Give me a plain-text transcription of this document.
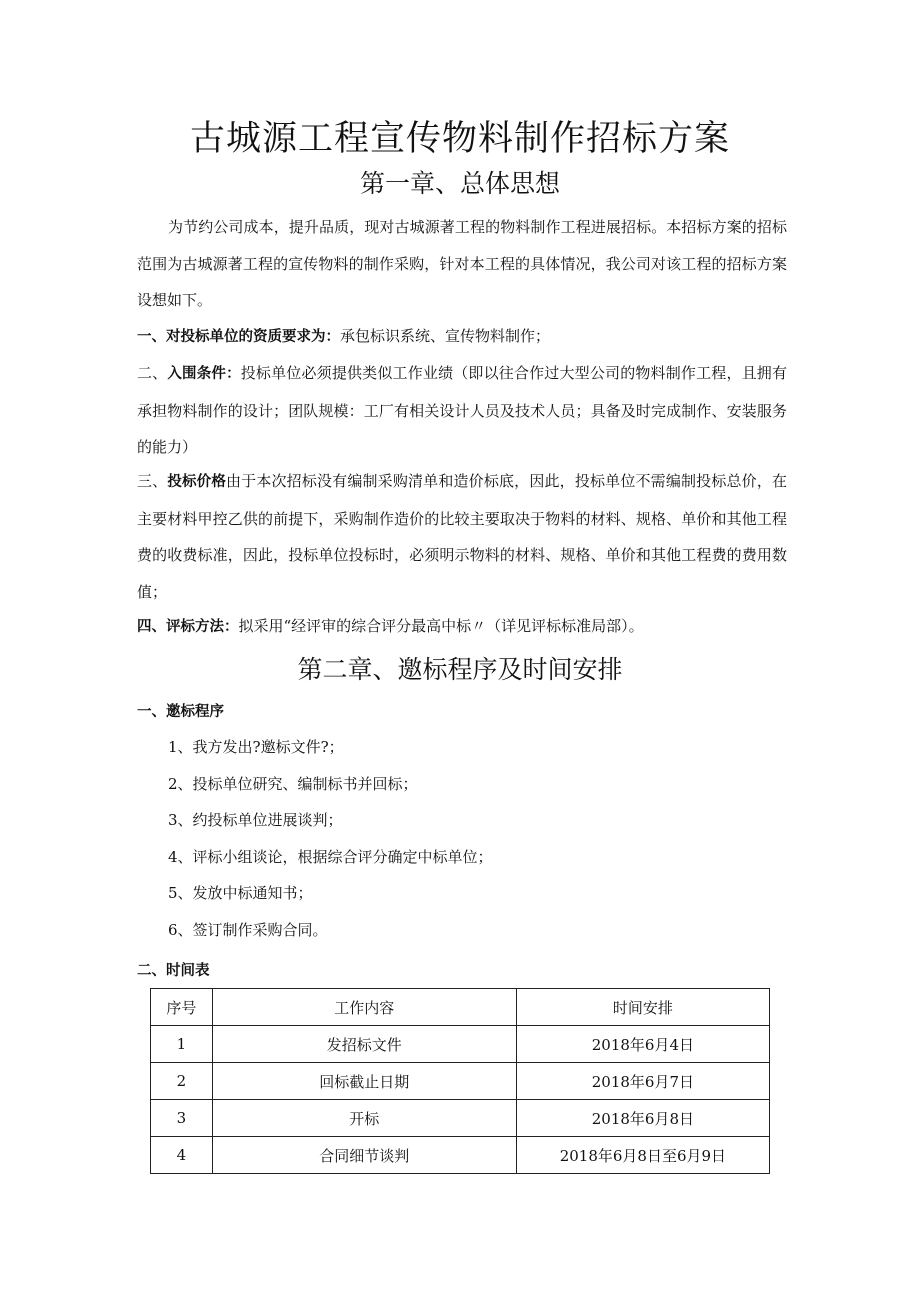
古城源工程宣传物料制作招标方案
第一章、总体思想
为节约公司成本，提升品质，现对古城源著工程的物料制作工程进展招标。本招标方案的招标范围为古城源著工程的宣传物料的制作采购，针对本工程的具体情况，我公司对该工程的招标方案设想如下。
一、对投标单位的资质要求为：承包标识系统、宣传物料制作；
二、入围条件：投标单位必须提供类似工作业绩（即以往合作过大型公司的物料制作工程，且拥有承担物料制作的设计；团队规模：工厂有相关设计人员及技术人员；具备及时完成制作、安装服务的能力）
三、投标价格由于本次招标没有编制采购清单和造价标底，因此，投标单位不需编制投标总价，在主要材料甲控乙供的前提下，采购制作造价的比较主要取决于物料的材料、规格、单价和其他工程费的收费标准，因此，投标单位投标时，必须明示物料的材料、规格、单价和其他工程费的费用数值；
四、评标方法：拟采用“经评审的综合评分最高中标〃（详见评标标准局部）。
第二章、邀标程序及时间安排
一、邀标程序
1、我方发出?邀标文件?；
2、投标单位研究、编制标书并回标；
3、约投标单位进展谈判；
4、评标小组谈论，根据综合评分确定中标单位；
5、发放中标通知书；
6、签订制作采购合同。
二、时间表
序号	工作内容	时间安排
1	发招标文件	2018年6月4日
2	回标截止日期	2018年6月7日
3	开标	2018年6月8日
4	合同细节谈判	2018年6月8日至6月9日
